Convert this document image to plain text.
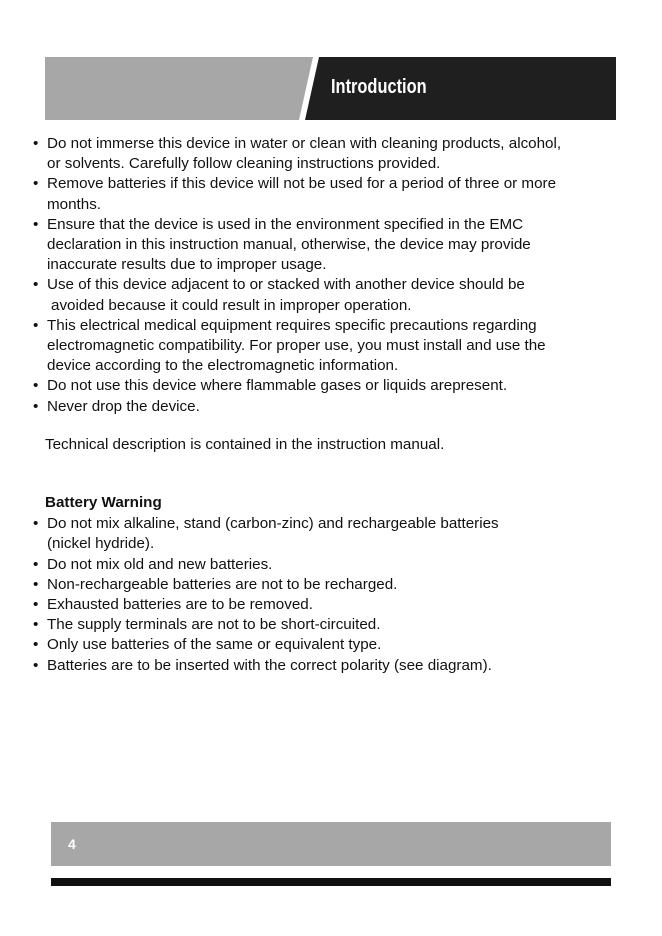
Introduction
• Do not immerse this device in water or clean with cleaning products, alcohol,
or solvents. Carefully follow cleaning instructions provided.
• Remove batteries if this device will not be used for a period of three or more
months.
• Ensure that the device is used in the environment specified in the EMC
declaration in this instruction manual, otherwise, the device may provide
inaccurate results due to improper usage.
• Use of this device adjacent to or stacked with another device should be
avoided because it could result in improper operation.
• This electrical medical equipment requires specific precautions regarding
electromagnetic compatibility. For proper use, you must install and use the
device according to the electromagnetic information.
• Do not use this device where flammable gases or liquids arepresent.
• Never drop the device.
Technical description is contained in the instruction manual.
Battery Warning
• Do not mix alkaline, stand (carbon-zinc) and rechargeable batteries
(nickel hydride).
• Do not mix old and new batteries.
• Non-rechargeable batteries are not to be recharged.
• Exhausted batteries are to be removed.
• The supply terminals are not to be short-circuited.
• Only use batteries of the same or equivalent type.
• Batteries are to be inserted with the correct polarity (see diagram).
4
